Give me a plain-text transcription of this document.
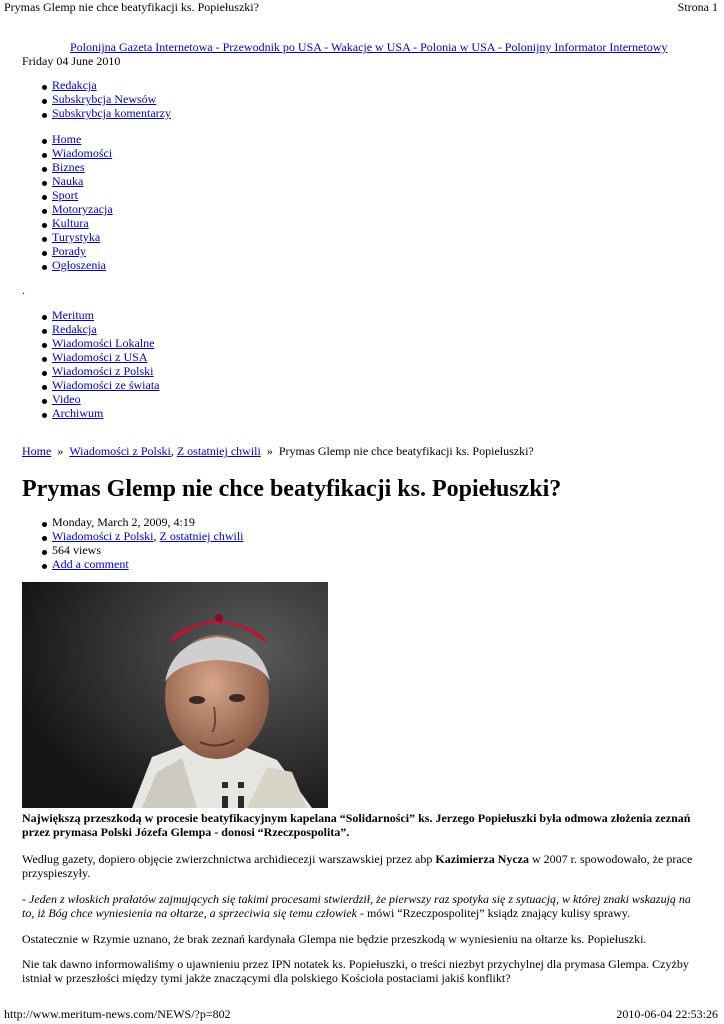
Prymas Glemp nie chce beatyfikacji ks. Popiełuszki?	Strona 1
Polonijna Gazeta Internetowa - Przewodnik po USA - Wakacje w USA - Polonia w USA - Polonijny Informator Internetowy
Friday 04 June 2010
Redakcja
Subskrybcja Newsów
Subskrybcja komentarzy
Home
Wiadomości
Biznes
Nauka
Sport
Motoryzacja
Kultura
Turystyka
Porady
Ogłoszenia
.
Meritum
Redakcja
Wiadomości Lokalne
Wiadomości z USA
Wiadomości z Polski
Wiadomości ze świata
Video
Archiwum
Home » Wiadomości z Polski, Z ostatniej chwili » Prymas Glemp nie chce beatyfikacji ks. Popiełuszki?
Prymas Glemp nie chce beatyfikacji ks. Popiełuszki?
Monday, March 2, 2009, 4:19
Wiadomości z Polski, Z ostatniej chwili
564 views
Add a comment

Największą przeszkodą w procesie beatyfikacyjnym kapelana “Solidarności” ks. Jerzego Popiełuszki była odmowa złożenia zeznań przez prymasa Polski Józefa Glempa - donosi “Rzeczpospolita”.

Według gazety, dopiero objęcie zwierzchnictwa archidiecezji warszawskiej przez abp Kazimierza Nycza w 2007 r. spowodowało, że prace przyspieszyły.

- Jeden z włoskich prałatów zajmujących się takimi procesami stwierdził, że pierwszy raz spotyka się z sytuacją, w której znaki wskazują na to, iż Bóg chce wyniesienia na ołtarze, a sprzeciwia się temu człowiek - mówi “Rzeczpospolitej” ksiądz znający kulisy sprawy.

Ostatecznie w Rzymie uznano, że brak zeznań kardynała Glempa nie będzie przeszkodą w wyniesieniu na ołtarze ks. Popiełuszki.

Nie tak dawno informowaliśmy o ujawnieniu przez IPN notatek ks. Popiełuszki, o treści niezbyt przychylnej dla prymasa Glempa. Czyżby istniał w przeszłości między tymi jakże znaczącymi dla polskiego Kościoła postaciami jakiś konflikt?

http://www.meritum-news.com/NEWS/?p=802	2010-06-04 22:53:26
